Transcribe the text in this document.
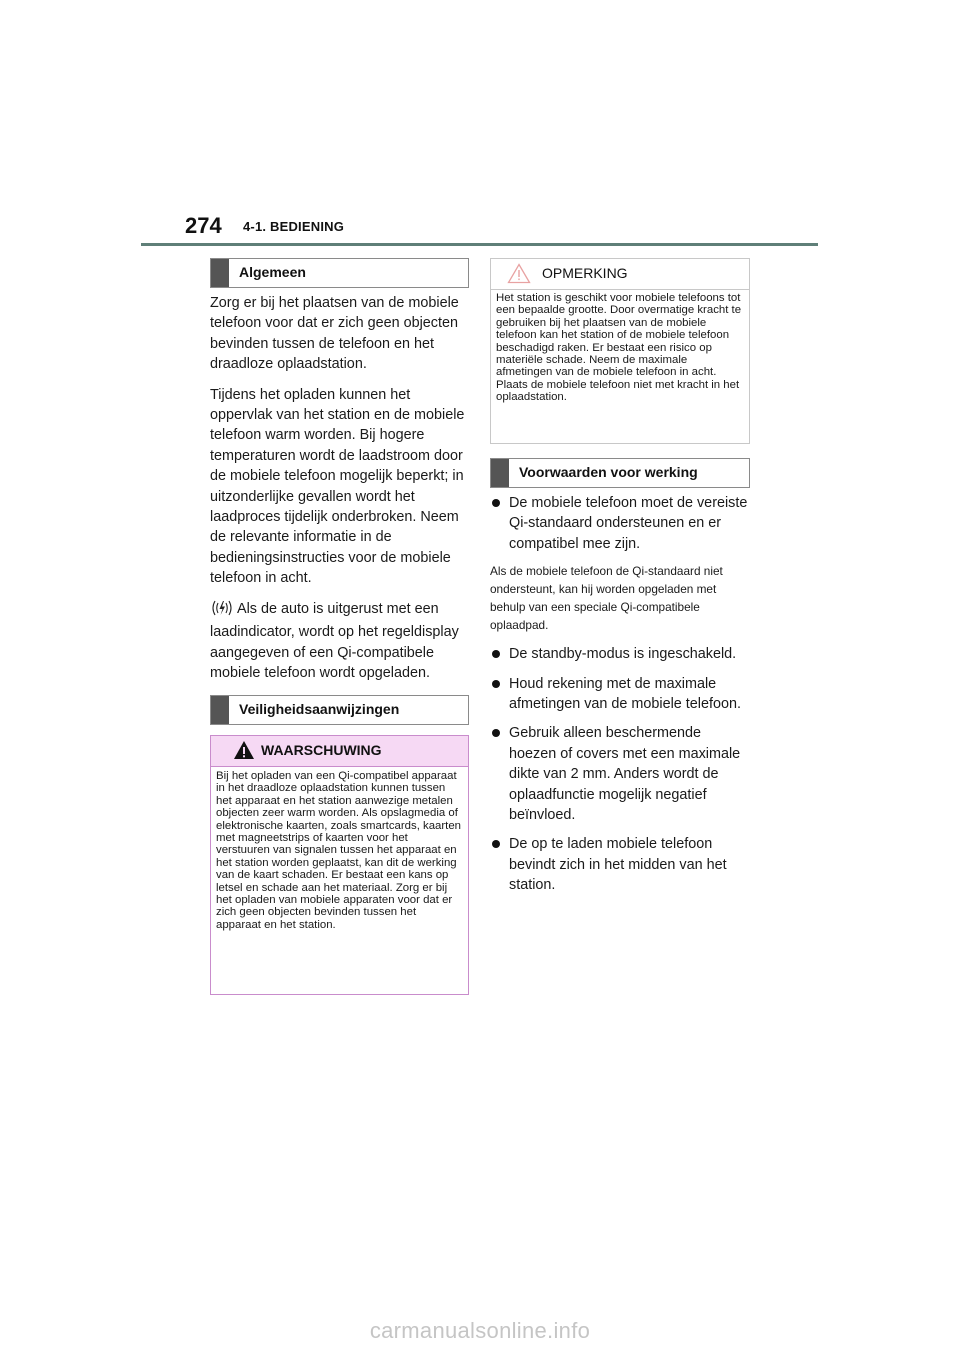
274 4-1. BEDIENING
Algemeen

Zorg er bij het plaatsen van de mobiele telefoon voor dat er zich geen objecten bevinden tussen de telefoon en het draadloze oplaadstation.

Tijdens het opladen kunnen het oppervlak van het station en de mobiele telefoon warm worden. Bij hogere temperaturen wordt de laadstroom door de mobiele telefoon mogelijk beperkt; in uitzonderlijke gevallen wordt het laadproces tijdelijk onderbroken. Neem de relevante informatie in de bedieningsinstructies voor de mobiele telefoon in acht.

Als de auto is uitgerust met een laadindicator, wordt op het regeldisplay aangegeven of een Qi-compatibele mobiele telefoon wordt opgeladen.

Veiligheidsaanwijzingen
WAARSCHUWING

Bij het opladen van een Qi-compatibel apparaat in het draadloze oplaadstation kunnen tussen het apparaat en het station aanwezige metalen objecten zeer warm worden. Als opslagmedia of elektronische kaarten, zoals smartcards, kaarten met magneetstrips of kaarten voor het verstuuren van signalen tussen het apparaat en het station worden geplaatst, kan dit de werking van de kaart schaden. Er bestaat een kans op letsel en schade aan het materiaal. Zorg er bij het opladen van mobiele apparaten voor dat er zich geen objecten bevinden tussen het apparaat en het station.

OPMERKING

Het station is geschikt voor mobiele telefoons tot een bepaalde grootte. Door overmatige kracht te gebruiken bij het plaatsen van de mobiele telefoon kan het station of de mobiele telefoon beschadigd raken. Er bestaat een risico op materiële schade. Neem de maximale afmetingen van de mobiele telefoon in acht. Plaats de mobiele telefoon niet met kracht in het oplaadstation.

Voorwaarden voor werking

De mobiele telefoon moet de vereiste Qi-standaard ondersteunen en er compatibel mee zijn.

Als de mobiele telefoon de Qi-standaard niet ondersteunt, kan hij worden opgeladen met behulp van een speciale Qi-compatibele oplaadpad.

De standby-modus is ingeschakeld.

Houd rekening met de maximale afmetingen van de mobiele telefoon.

Gebruik alleen beschermende hoezen of covers met een maximale dikte van 2 mm. Anders wordt de oplaadfunctie mogelijk negatief beïnvloed.

De op te laden mobiele telefoon bevindt zich in het midden van het station.

carmanualsonline.info
